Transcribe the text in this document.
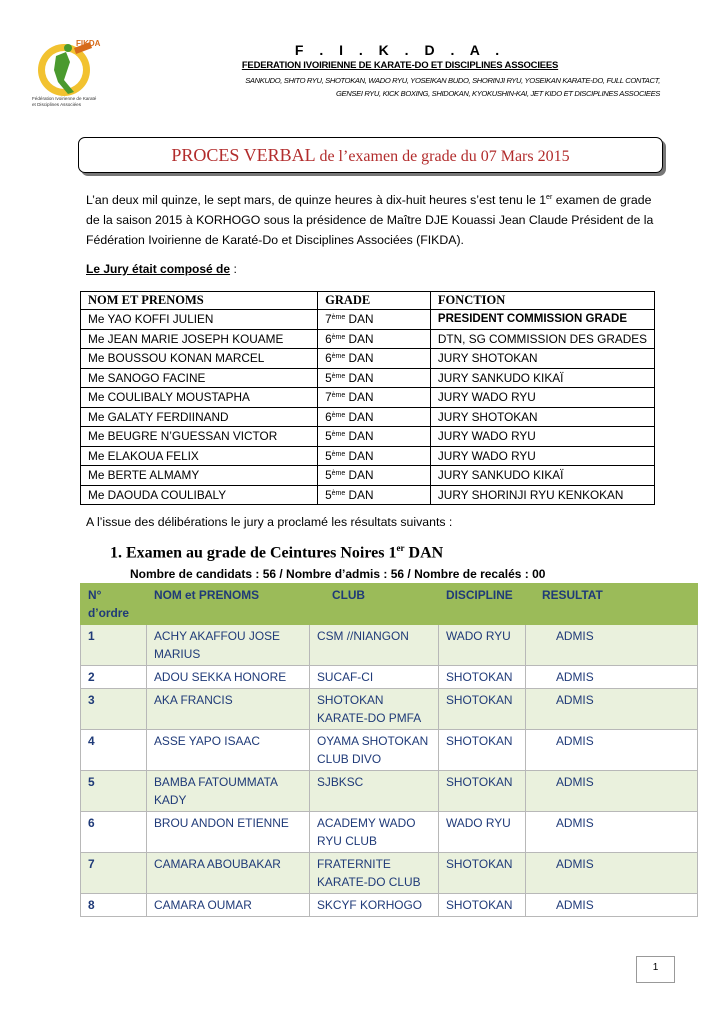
FIKDA
Fédération Ivoirienne de Karaté
et Disciplines Associées
F . I . K . D . A .
FEDERATION IVOIRIENNE DE KARATE-DO ET DISCIPLINES ASSOCIEES
SANKUDO, SHITO RYU, SHOTOKAN, WADO RYU, YOSEIKAN BUDO, SHORINJI RYU, YOSEIKAN KARATE-DO, FULL CONTACT,
GENSEI RYU, KICK BOXING, SHIDOKAN, KYOKUSHIN-KAI, JET KIDO ET DISCIPLINES ASSOCIEES
PROCES VERBAL de l’examen de grade du 07 Mars 2015
L’an deux mil quinze, le sept mars, de quinze heures à dix-huit heures s’est tenu le 1er examen de grade de la saison 2015 à KORHOGO sous la présidence de Maître DJE Kouassi Jean Claude Président de la Fédération Ivoirienne de Karaté-Do et Disciplines Associées (FIKDA).
Le Jury était composé de :
NOM ET PRENOMS	GRADE	FONCTION
Me YAO KOFFI JULIEN	7ème DAN	PRESIDENT COMMISSION GRADE
Me JEAN MARIE JOSEPH KOUAME	6ème DAN	DTN, SG COMMISSION DES GRADES
Me BOUSSOU KONAN MARCEL	6ème DAN	JURY SHOTOKAN
Me SANOGO FACINE	5ème DAN	JURY SANKUDO KIKAÏ
Me COULIBALY MOUSTAPHA	7ème DAN	JURY WADO RYU
Me GALATY FERDIINAND	6ème DAN	JURY SHOTOKAN
Me BEUGRE N’GUESSAN VICTOR	5ème DAN	JURY WADO RYU
Me ELAKOUA FELIX	5ème DAN	JURY WADO RYU
Me BERTE ALMAMY	5ème DAN	JURY SANKUDO KIKAÏ
Me DAOUDA COULIBALY	5ème DAN	JURY SHORINJI RYU KENKOKAN
A l’issue des délibérations le jury a proclamé les résultats suivants :
1. Examen au grade de Ceintures Noires 1er DAN
Nombre de candidats : 56 / Nombre d’admis : 56 / Nombre de recalés : 00
N° d’ordre	NOM et PRENOMS	CLUB	DISCIPLINE	RESULTAT
1	ACHY AKAFFOU JOSE MARIUS	CSM //NIANGON	WADO RYU	ADMIS
2	ADOU SEKKA HONORE	SUCAF-CI	SHOTOKAN	ADMIS
3	AKA FRANCIS	SHOTOKAN KARATE-DO PMFA	SHOTOKAN	ADMIS
4	ASSE YAPO ISAAC	OYAMA SHOTOKAN CLUB DIVO	SHOTOKAN	ADMIS
5	BAMBA FATOUMMATA KADY	SJBKSC	SHOTOKAN	ADMIS
6	BROU ANDON ETIENNE	ACADEMY WADO RYU CLUB	WADO RYU	ADMIS
7	CAMARA ABOUBAKAR	FRATERNITE KARATE-DO CLUB	SHOTOKAN	ADMIS
8	CAMARA OUMAR	SKCYF KORHOGO	SHOTOKAN	ADMIS
1
